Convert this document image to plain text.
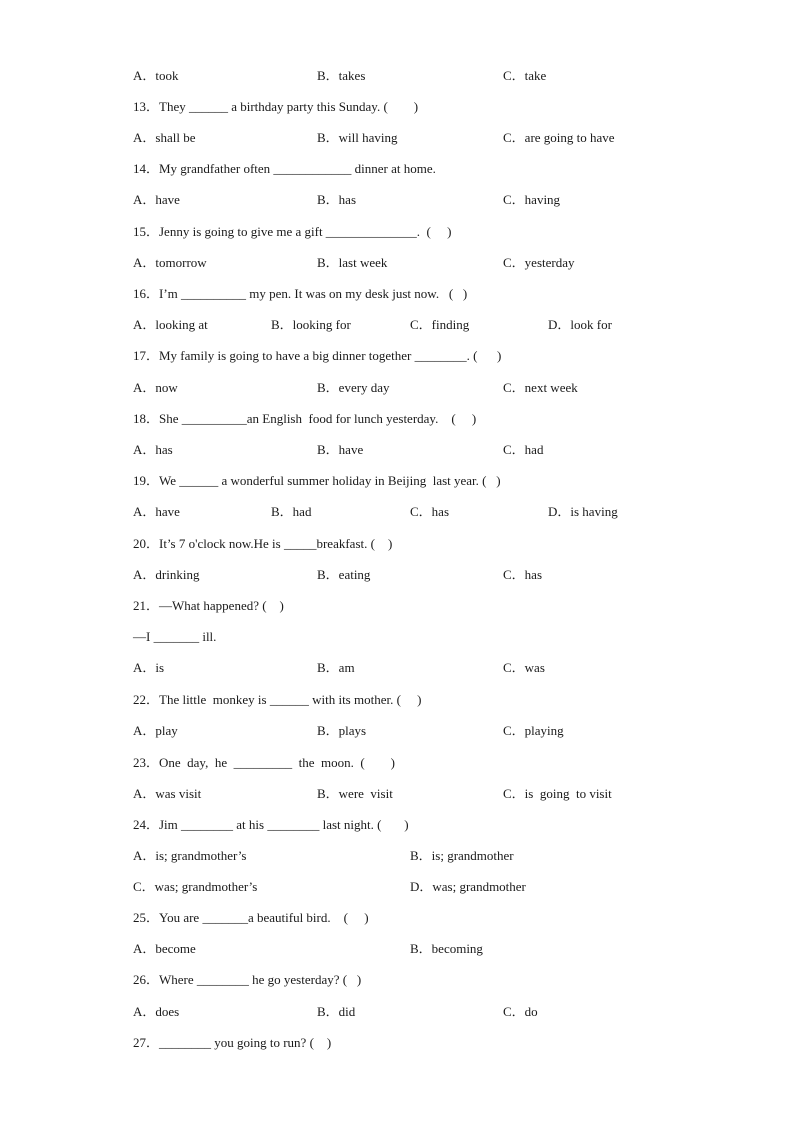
A．took	B．takes	C．take
13．They ______ a birthday party this Sunday. (        )
A．shall be	B．will having	C．are going to have
14．My grandfather often ____________ dinner at home.
A．have	B．has	C．having
15．Jenny is going to give me a gift ______________.  (     )
A．tomorrow	B．last week	C．yesterday
16．I’m __________ my pen. It was on my desk just now.   (   )
A．looking at	B．looking for	C．finding	D．look for
17．My family is going to have a big dinner together ________. (      )
A．now	B．every day	C．next week
18．She __________an English  food for lunch yesterday.    (     )
A．has	B．have	C．had
19．We ______ a wonderful summer holiday in Beijing  last year. (   )
A．have	B．had	C．has	D．is having
20．It’s 7 o'clock now.He is _____breakfast. (    )
A．drinking	B．eating	C．has
21．—What happened? (    )
—I _______ ill.
A．is	B．am	C．was
22．The little  monkey is ______ with its mother. (     )
A．play	B．plays	C．playing
23．One  day,  he  _________  the  moon.  (        )
A．was visit	B．were  visit	C．is  going  to visit
24．Jim ________ at his ________ last night. (       )
A．is; grandmother’s	B．is; grandmother
C．was; grandmother’s	D．was; grandmother
25．You are _______a beautiful bird.    (     )
A．become	B．becoming
26．Where ________ he go yesterday? (   )
A．does	B．did	C．do
27．________ you going to run? (    )
